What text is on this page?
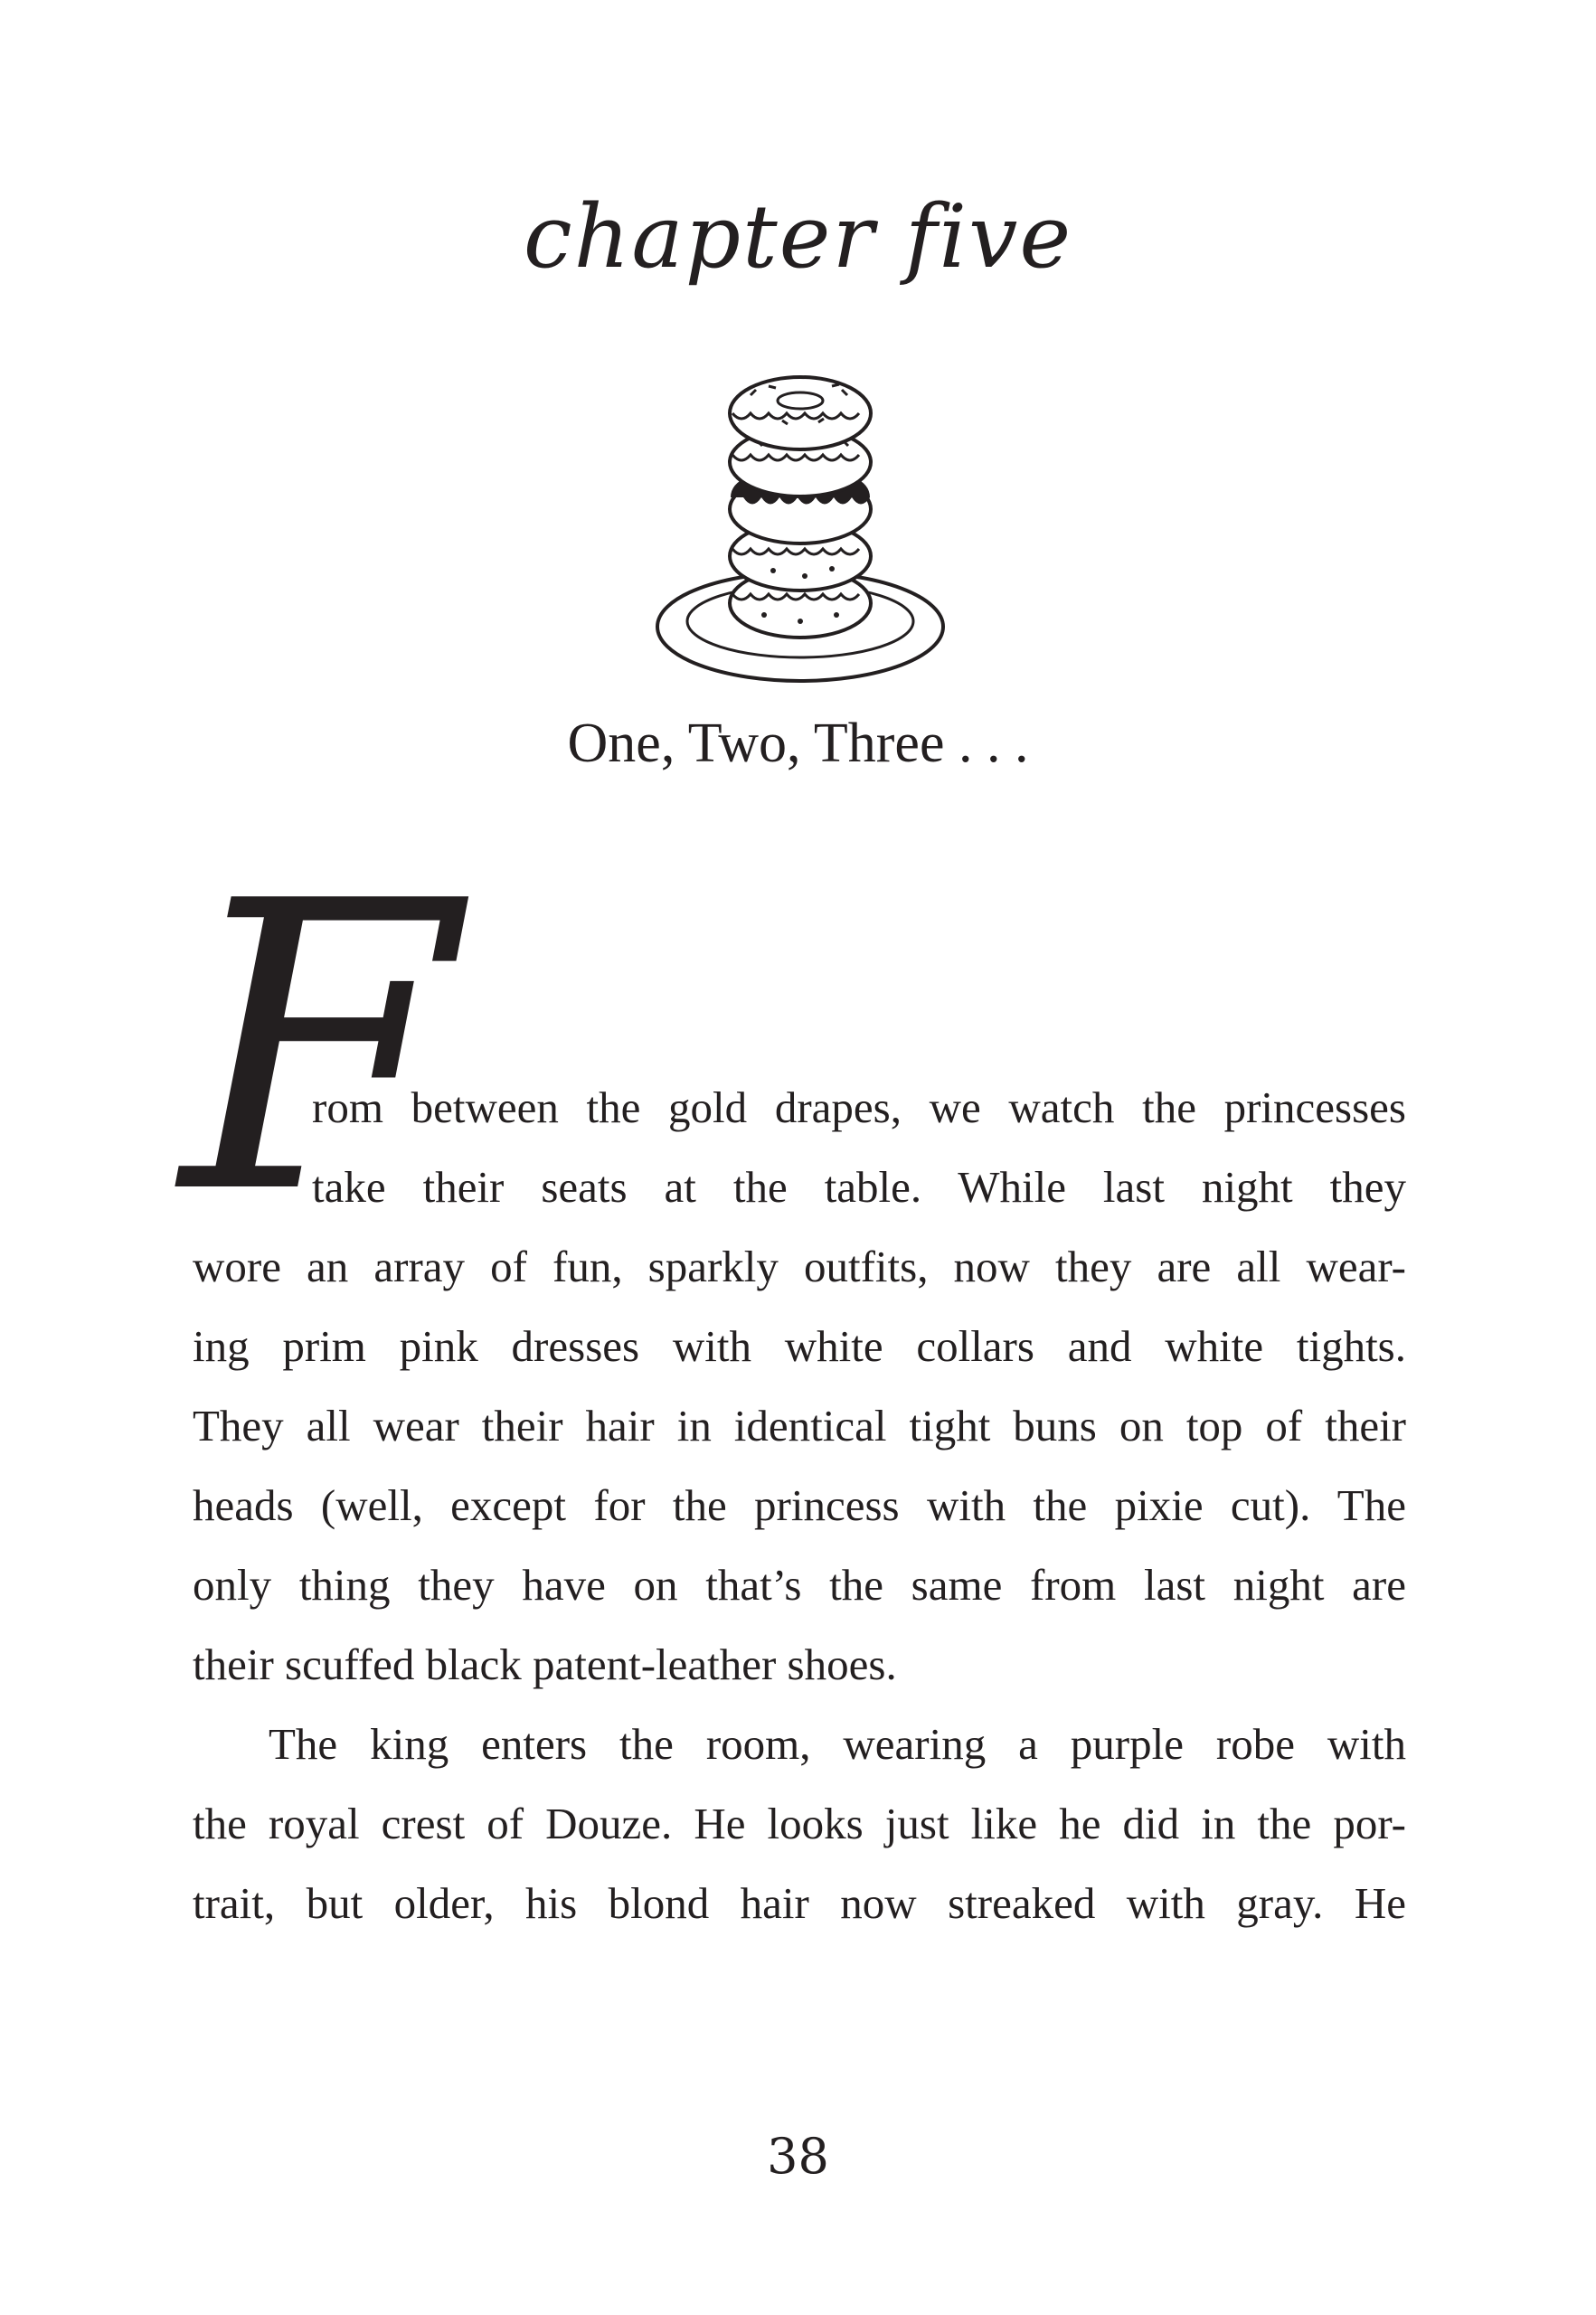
chapter five
One, Two, Three . . .
F
rom between the gold drapes, we watch the princesses
take their seats at the table. While last night they
wore an array of fun, sparkly outfits, now they are all wear-
ing prim pink dresses with white collars and white tights.
They all wear their hair in identical tight buns on top of their
heads (well, except for the princess with the pixie cut). The
only thing they have on that’s the same from last night are
their scuffed black patent-leather shoes.
The king enters the room, wearing a purple robe with
the royal crest of Douze. He looks just like he did in the por-
trait, but older, his blond hair now streaked with gray. He
38
